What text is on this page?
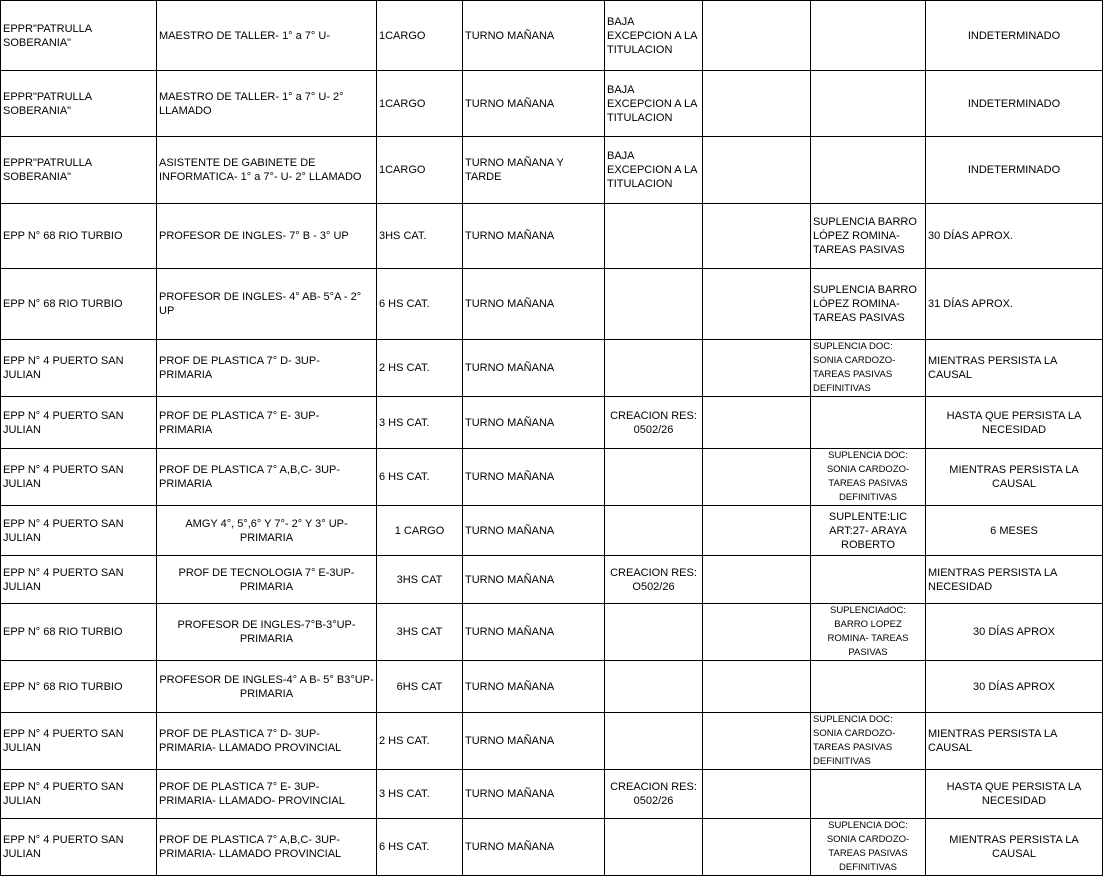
EPPR"PATRULLA SOBERANIA"	MAESTRO DE TALLER- 1° a 7° U-	1CARGO	TURNO MAÑANA	BAJA EXCEPCION A LA TITULACION			INDETERMINADO
EPPR"PATRULLA SOBERANIA"	MAESTRO DE TALLER- 1° a 7° U- 2° LLAMADO	1CARGO	TURNO MAÑANA	BAJA EXCEPCION A LA TITULACION			INDETERMINADO
EPPR"PATRULLA SOBERANIA"	ASISTENTE DE GABINETE DE INFORMATICA- 1° a 7°- U- 2° LLAMADO	1CARGO	TURNO MAÑANA Y TARDE	BAJA EXCEPCION A LA TITULACION			INDETERMINADO
EPP N° 68 RIO TURBIO	PROFESOR DE INGLES- 7° B - 3° UP	3HS CAT.	TURNO MAÑANA			SUPLENCIA BARRO LÓPEZ ROMINA- TAREAS PASIVAS	30 DÍAS APROX.
EPP N° 68 RIO TURBIO	PROFESOR DE INGLES- 4° AB- 5°A - 2° UP	6 HS CAT.	TURNO MAÑANA			SUPLENCIA BARRO LÓPEZ ROMINA- TAREAS PASIVAS	31 DÍAS APROX.
EPP N° 4 PUERTO SAN JULIAN	PROF DE PLASTICA 7° D- 3UP- PRIMARIA	2 HS CAT.	TURNO MAÑANA			SUPLENCIA DOC: SONIA CARDOZO- TAREAS PASIVAS DEFINITIVAS	MIENTRAS PERSISTA LA CAUSAL
EPP N° 4 PUERTO SAN JULIAN	PROF DE PLASTICA 7° E- 3UP- PRIMARIA	3 HS CAT.	TURNO MAÑANA	CREACION RES: 0502/26			HASTA QUE PERSISTA LA NECESIDAD
EPP N° 4 PUERTO SAN JULIAN	PROF DE PLASTICA 7° A,B,C- 3UP- PRIMARIA	6 HS CAT.	TURNO MAÑANA			SUPLENCIA DOC: SONIA CARDOZO- TAREAS PASIVAS DEFINITIVAS	MIENTRAS PERSISTA LA CAUSAL
EPP N° 4 PUERTO SAN JULIAN	AMGY 4°, 5°,6° Y 7°- 2° Y 3° UP- PRIMARIA	1 CARGO	TURNO MAÑANA			SUPLENTE:LIC ART:27- ARAYA ROBERTO	6 MESES
EPP N° 4 PUERTO SAN JULIAN	PROF DE TECNOLOGIA 7° E-3UP-PRIMARIA	3HS CAT	TURNO MAÑANA	CREACION RES: O502/26			MIENTRAS PERSISTA LA NECESIDAD
EPP N° 68 RIO TURBIO	PROFESOR DE INGLES-7°B-3°UP- PRIMARIA	3HS CAT	TURNO MAÑANA			SUPLENCIAdOC: BARRO LOPEZ ROMINA- TAREAS PASIVAS	30 DÍAS APROX
EPP N° 68 RIO TURBIO	PROFESOR DE INGLES-4° A B- 5° B3°UP- PRIMARIA	6HS CAT	TURNO MAÑANA				30 DÍAS APROX
EPP N° 4 PUERTO SAN JULIAN	PROF DE PLASTICA 7° D- 3UP- PRIMARIA- LLAMADO PROVINCIAL	2 HS CAT.	TURNO MAÑANA			SUPLENCIA DOC: SONIA CARDOZO- TAREAS PASIVAS DEFINITIVAS	MIENTRAS PERSISTA LA CAUSAL
EPP N° 4 PUERTO SAN JULIAN	PROF DE PLASTICA 7° E- 3UP- PRIMARIA- LLAMADO- PROVINCIAL	3 HS CAT.	TURNO MAÑANA	CREACION RES: 0502/26			HASTA QUE PERSISTA LA NECESIDAD
EPP N° 4 PUERTO SAN JULIAN	PROF DE PLASTICA 7° A,B,C- 3UP- PRIMARIA- LLAMADO PROVINCIAL	6 HS CAT.	TURNO MAÑANA			SUPLENCIA DOC: SONIA CARDOZO- TAREAS PASIVAS DEFINITIVAS	MIENTRAS PERSISTA LA CAUSAL
